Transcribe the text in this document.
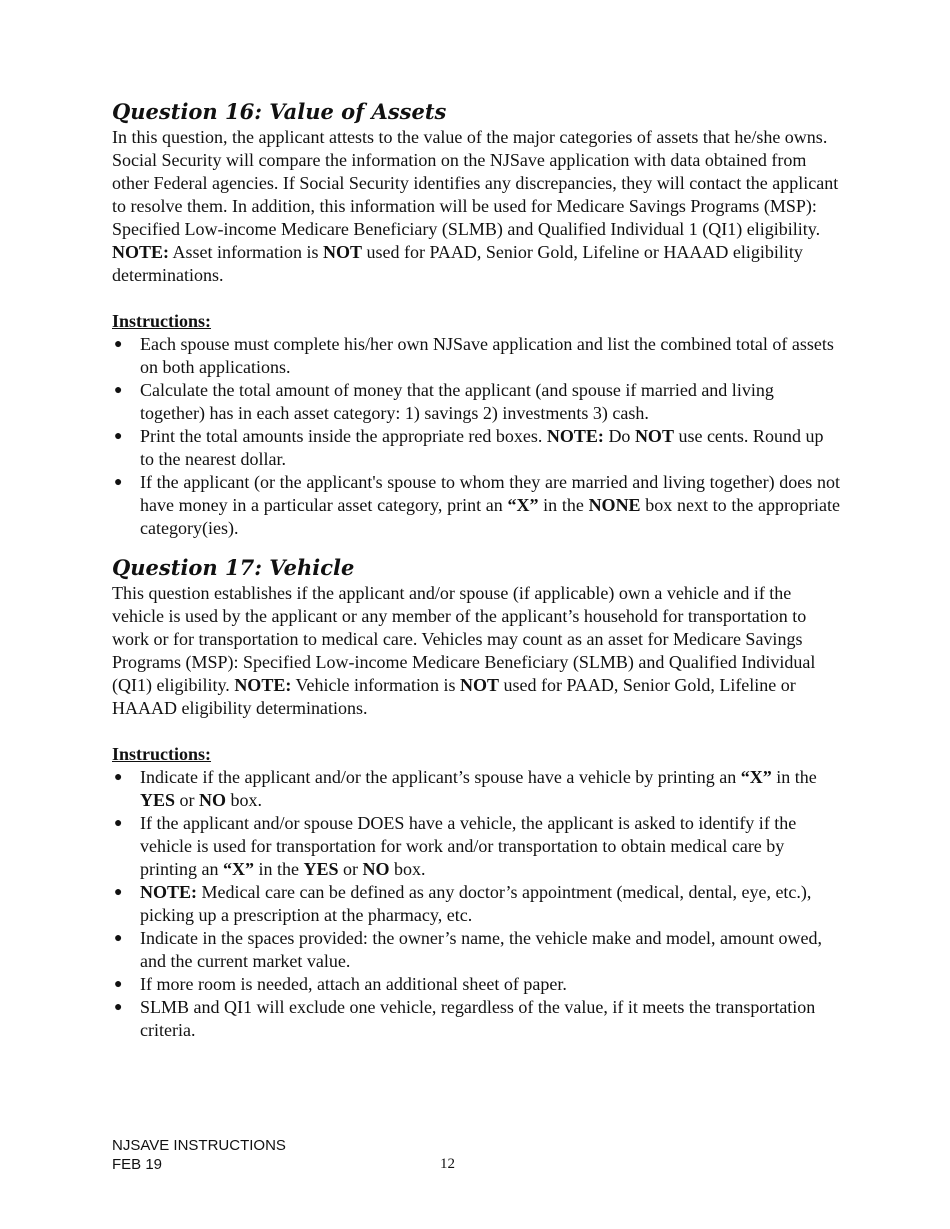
Question 16: Value of Assets

In this question, the applicant attests to the value of the major categories of assets that he/she owns. Social Security will compare the information on the NJSave application with data obtained from other Federal agencies. If Social Security identifies any discrepancies, they will contact the applicant to resolve them. In addition, this information will be used for Medicare Savings Programs (MSP): Specified Low-income Medicare Beneficiary (SLMB) and Qualified Individual 1 (QI1) eligibility. NOTE: Asset information is NOT used for PAAD, Senior Gold, Lifeline or HAAAD eligibility determinations.

Instructions:

● Each spouse must complete his/her own NJSave application and list the combined total of assets on both applications.
● Calculate the total amount of money that the applicant (and spouse if married and living together) has in each asset category: 1) savings 2) investments 3) cash.
● Print the total amounts inside the appropriate red boxes. NOTE: Do NOT use cents. Round up to the nearest dollar.
● If the applicant (or the applicant's spouse to whom they are married and living together) does not have money in a particular asset category, print an “X” in the NONE box next to the appropriate category(ies).
Question 17: Vehicle

This question establishes if the applicant and/or spouse (if applicable) own a vehicle and if the vehicle is used by the applicant or any member of the applicant’s household for transportation to work or for transportation to medical care. Vehicles may count as an asset for Medicare Savings Programs (MSP): Specified Low-income Medicare Beneficiary (SLMB) and Qualified Individual (QI1) eligibility. NOTE: Vehicle information is NOT used for PAAD, Senior Gold, Lifeline or HAAAD eligibility determinations.

Instructions:

● Indicate if the applicant and/or the applicant’s spouse have a vehicle by printing an “X” in the YES or NO box.
● If the applicant and/or spouse DOES have a vehicle, the applicant is asked to identify if the vehicle is used for transportation for work and/or transportation to obtain medical care by printing an “X” in the YES or NO box.
● NOTE: Medical care can be defined as any doctor’s appointment (medical, dental, eye, etc.), picking up a prescription at the pharmacy, etc.
● Indicate in the spaces provided: the owner’s name, the vehicle make and model, amount owed, and the current market value.
● If more room is needed, attach an additional sheet of paper.
● SLMB and QI1 will exclude one vehicle, regardless of the value, if it meets the transportation criteria.
NJSAVE INSTRUCTIONS
FEB 19	12
